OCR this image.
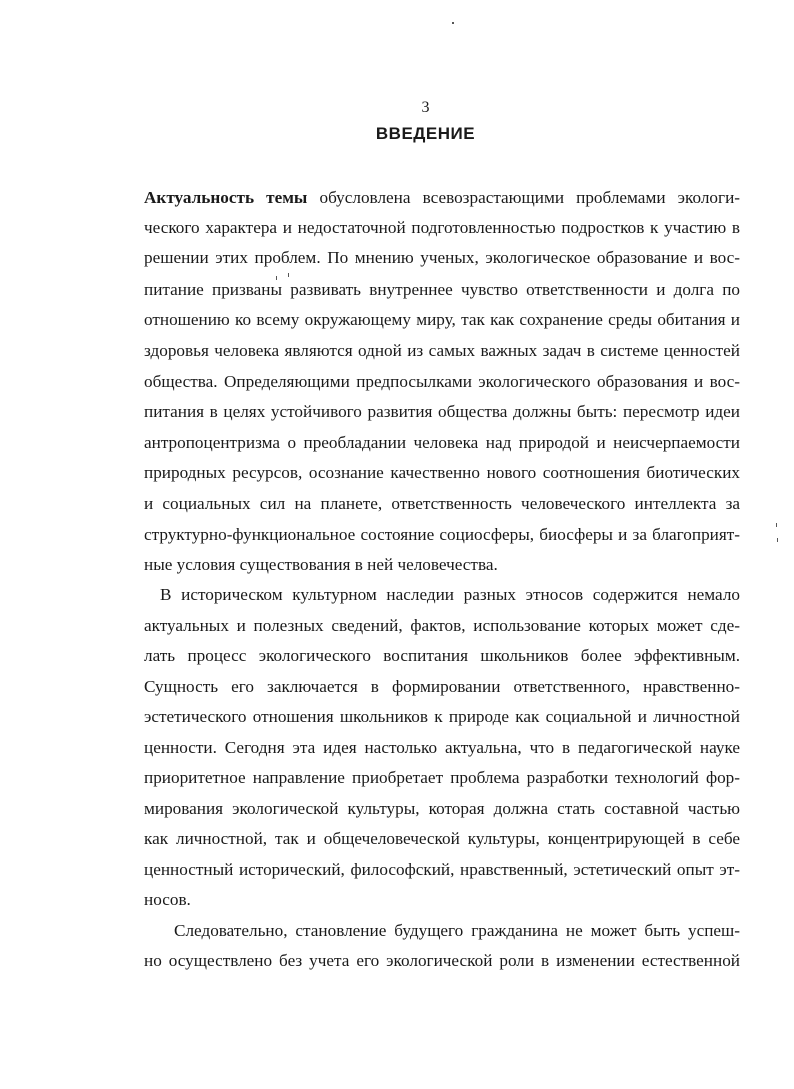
3
ВВЕДЕНИЕ
Актуальность темы обусловлена всевозрастающими проблемами экологи-
ческого характера и недостаточной подготовленностью подростков к участию в
решении этих проблем. По мнению ученых, экологическое образование и вос-
питание призваны развивать внутреннее чувство ответственности и долга по
отношению ко всему окружающему миру, так как сохранение среды обитания и
здоровья человека являются одной из самых важных задач в системе ценностей
общества. Определяющими предпосылками экологического образования и вос-
питания в целях устойчивого развития общества должны быть: пересмотр идеи
антропоцентризма о преобладании человека над природой и неисчерпаемости
природных ресурсов, осознание качественно нового соотношения биотических
и социальных сил на планете, ответственность человеческого интеллекта за
структурно-функциональное состояние социосферы, биосферы и за благоприят-
ные условия существования в ней человечества.
В историческом культурном наследии разных этносов содержится немало
актуальных и полезных сведений, фактов, использование которых может сде-
лать процесс экологического воспитания школьников более эффективным.
Сущность его заключается в формировании ответственного, нравственно-
эстетического отношения школьников к природе как социальной и личностной
ценности. Сегодня эта идея настолько актуальна, что в педагогической науке
приоритетное направление приобретает проблема разработки технологий фор-
мирования экологической культуры, которая должна стать составной частью
как личностной, так и общечеловеческой культуры, концентрирующей в себе
ценностный исторический, философский, нравственный, эстетический опыт эт-
носов.
Следовательно, становление будущего гражданина не может быть успеш-
но осуществлено без учета его экологической роли в изменении естественной
